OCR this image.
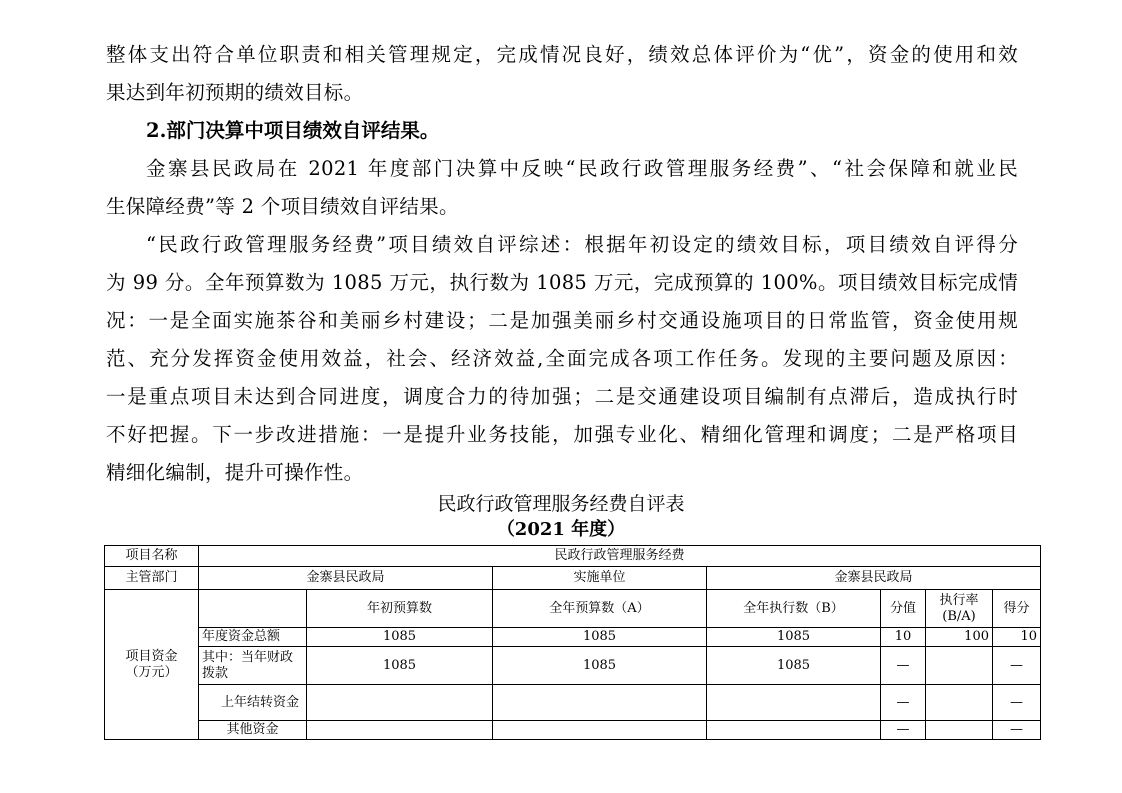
整体支出符合单位职责和相关管理规定，完成情况良好，绩效总体评价为“优”，资金的使用和效

果达到年初预期的绩效目标。

2.部门决算中项目绩效自评结果。

金寨县民政局在 2021 年度部门决算中反映“民政行政管理服务经费”、“社会保障和就业民

生保障经费”等 2 个项目绩效自评结果。

“民政行政管理服务经费”项目绩效自评综述：根据年初设定的绩效目标，项目绩效自评得分

为 99 分。全年预算数为 1085 万元，执行数为 1085 万元，完成预算的 100%。项目绩效目标完成情

况：一是全面实施茶谷和美丽乡村建设；二是加强美丽乡村交通设施项目的日常监管，资金使用规

范、充分发挥资金使用效益，社会、经济效益,全面完成各项工作任务。发现的主要问题及原因：

一是重点项目未达到合同进度，调度合力的待加强；二是交通建设项目编制有点滞后，造成执行时

不好把握。下一步改进措施：一是提升业务技能，加强专业化、精细化管理和调度；二是严格项目

精细化编制，提升可操作性。

民政行政管理服务经费自评表

（2021 年度）

项目名称	民政行政管理服务经费						
主管部门	金寨县民政局		实施单位	金寨县民政局			
项目资金
（万元）		年初预算数	全年预算数（A）	全年执行数（B）	分值	执行率
(B/A)	得分
	年度资金总额	1085	1085	1085	10	100	10
	其中：当年财政拨款	1085	1085	1085	—		—
	上年结转资金				—		—
	其他资金				—		—
